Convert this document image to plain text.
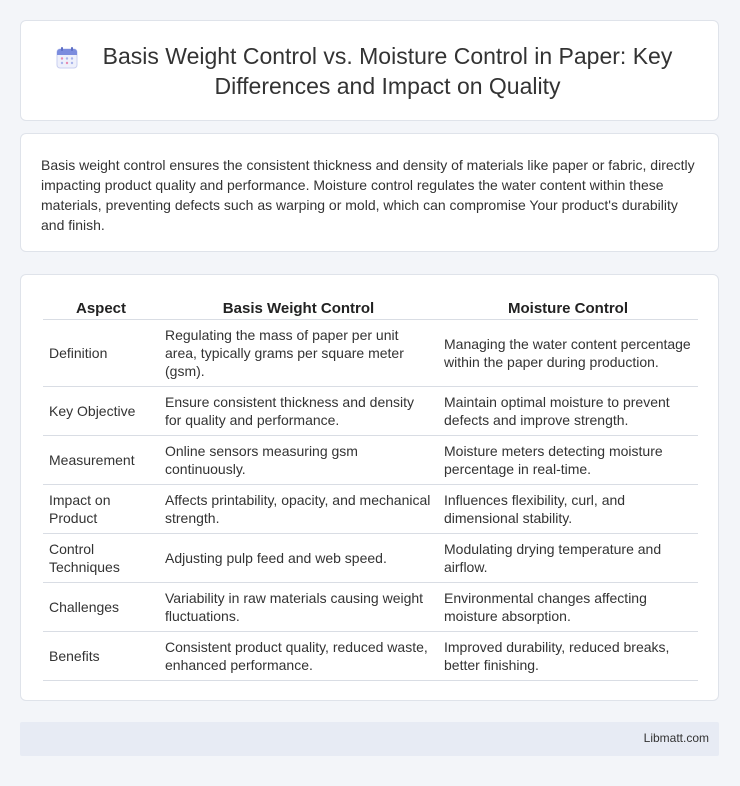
Basis Weight Control vs. Moisture Control in Paper: Key Differences and Impact on Quality

Basis weight control ensures the consistent thickness and density of materials like paper or fabric, directly impacting product quality and performance. Moisture control regulates the water content within these materials, preventing defects such as warping or mold, which can compromise Your product's durability and finish.

Aspect	Basis Weight Control	Moisture Control
Definition	Regulating the mass of paper per unit area, typically grams per square meter (gsm).	Managing the water content percentage within the paper during production.
Key Objective	Ensure consistent thickness and density for quality and performance.	Maintain optimal moisture to prevent defects and improve strength.
Measurement	Online sensors measuring gsm continuously.	Moisture meters detecting moisture percentage in real-time.
Impact on Product	Affects printability, opacity, and mechanical strength.	Influences flexibility, curl, and dimensional stability.
Control Techniques	Adjusting pulp feed and web speed.	Modulating drying temperature and airflow.
Challenges	Variability in raw materials causing weight fluctuations.	Environmental changes affecting moisture absorption.
Benefits	Consistent product quality, reduced waste, enhanced performance.	Improved durability, reduced breaks, better finishing.
Libmatt.com
